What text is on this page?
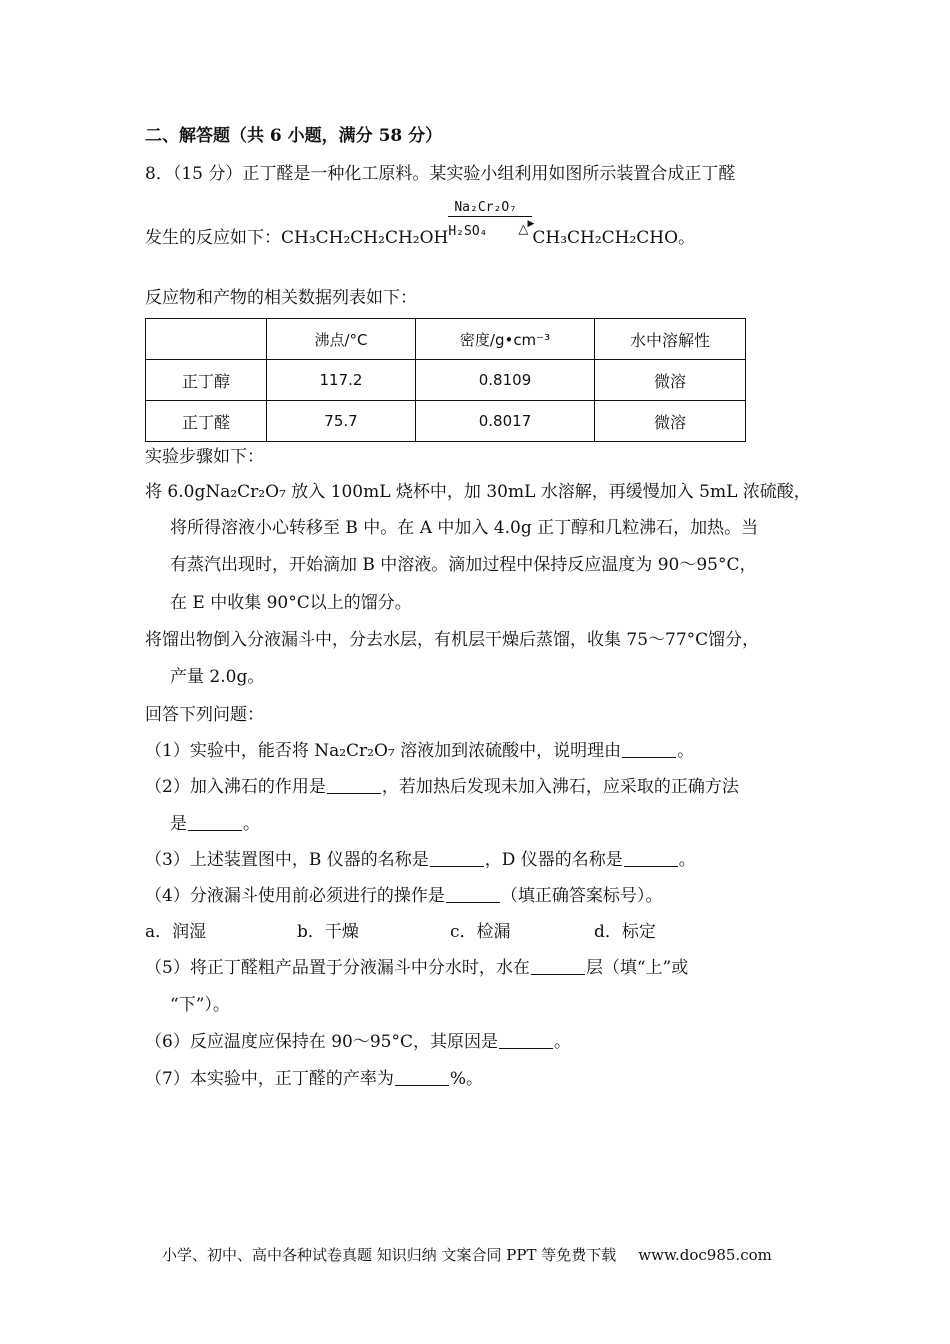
二、解答题（共 6 小题，满分 58 分）
8．（15 分）正丁醛是一种化工原料。某实验小组利用如图所示装置合成正丁醛
发生的反应如下：CH₃CH₂CH₂CH₂OH
Na₂Cr₂O₇
▶
H₂SO₄ △ CH₃CH₂CH₂CHO。
反应物和产物的相关数据列表如下：
	沸点/°C	密度/g•cm⁻³	水中溶解性
正丁醇	117.2	0.8109	微溶
正丁醛	75.7	0.8017	微溶
实验步骤如下：
将 6.0gNa₂Cr₂O₇ 放入 100mL 烧杯中，加 30mL 水溶解，再缓慢加入 5mL 浓硫酸，
将所得溶液小心转移至 B 中。在 A 中加入 4.0g 正丁醇和几粒沸石，加热。当
有蒸汽出现时，开始滴加 B 中溶液。滴加过程中保持反应温度为 90～95°C，
在 E 中收集 90°C以上的馏分。
将馏出物倒入分液漏斗中，分去水层，有机层干燥后蒸馏，收集 75～77°C馏分，
产量 2.0g。
回答下列问题：
（1）实验中，能否将 Na₂Cr₂O₇ 溶液加到浓硫酸中，说明理由	。
（2）加入沸石的作用是	，若加热后发现未加入沸石，应采取的正确方法
是	。
（3）上述装置图中，B 仪器的名称是	，D 仪器的名称是	。
（4）分液漏斗使用前必须进行的操作是	（填正确答案标号）。
a．润湿	b．干燥	c．检漏	d．标定
（5）将正丁醛粗产品置于分液漏斗中分水时，水在	层（填“上”或
“下”）。
（6）反应温度应保持在 90～95°C，其原因是	。
（7）本实验中，正丁醛的产率为	%。
小学、初中、高中各种试卷真题 知识归纳 文案合同 PPT 等免费下载 www.doc985.com
